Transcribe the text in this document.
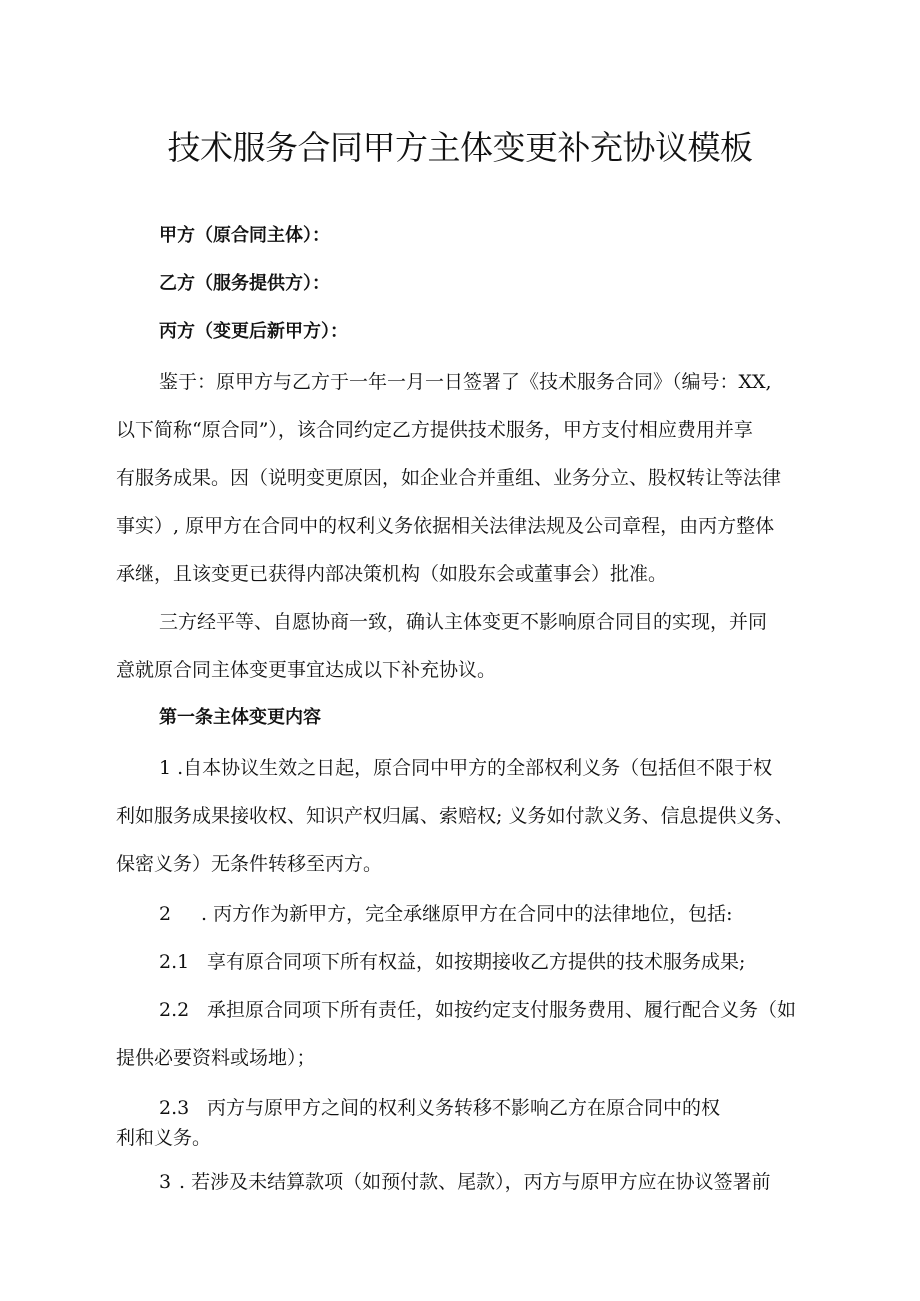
技术服务合同甲方主体变更补充协议模板
甲方（原合同主体）：
乙方（服务提供方）：
丙方（变更后新甲方）：
鉴于：原甲方与乙方于一年一月一日签署了《技术服务合同》（编号：XX,
以下简称“原合同”），该合同约定乙方提供技术服务，甲方支付相应费用并享
有服务成果。因（说明变更原因，如企业合并重组、业务分立、股权转让等法律
事实）, 原甲方在合同中的权利义务依据相关法律法规及公司章程，由丙方整体
承继，且该变更已获得内部决策机构（如股东会或董事会）批准。
三方经平等、自愿协商一致，确认主体变更不影响原合同目的实现，并同
意就原合同主体变更事宜达成以下补充协议。
第一条主体变更内容
1 .自本协议生效之日起，原合同中甲方的全部权利义务（包括但不限于权
利如服务成果接收权、知识产权归属、索赔权; 义务如付款义务、信息提供义务、
保密义务）无条件转移至丙方。
2 . 丙方作为新甲方，完全承继原甲方在合同中的法律地位，包括:
2.1 享有原合同项下所有权益，如按期接收乙方提供的技术服务成果;
2.2 承担原合同项下所有责任，如按约定支付服务费用、履行配合义务（如
提供必要资料或场地）；
2.3 丙方与原甲方之间的权利义务转移不影响乙方在原合同中的权
利和义务。
3 . 若涉及未结算款项（如预付款、尾款），丙方与原甲方应在协议签署前
